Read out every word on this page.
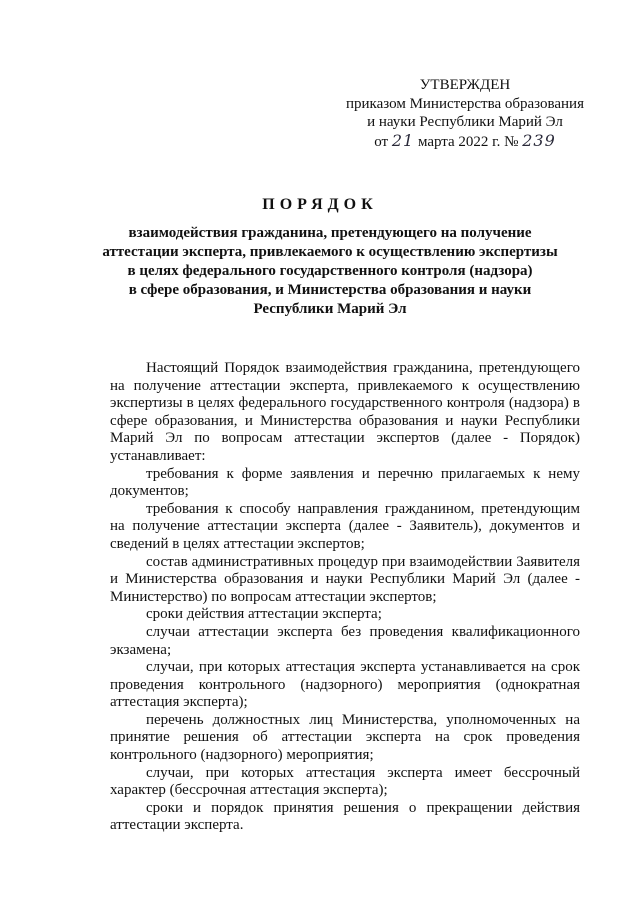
УТВЕРЖДЕН
приказом Министерства образования
и науки Республики Марий Эл
от 21 марта 2022 г. № 239
ПОРЯДОК
взаимодействия гражданина, претендующего на получение
аттестации эксперта, привлекаемого к осуществлению экспертизы
в целях федерального государственного контроля (надзора)
в сфере образования, и Министерства образования и науки
Республики Марий Эл

Настоящий Порядок взаимодействия гражданина, претендующего на получение аттестации эксперта, привлекаемого к осуществлению экспертизы в целях федерального государственного контроля (надзора) в сфере образования, и Министерства образования и науки Республики Марий Эл по вопросам аттестации экспертов (далее - Порядок) устанавливает:

требования к форме заявления и перечню прилагаемых к нему документов;

требования к способу направления гражданином, претендующим на получение аттестации эксперта (далее - Заявитель), документов и сведений в целях аттестации экспертов;

состав административных процедур при взаимодействии Заявителя и Министерства образования и науки Республики Марий Эл (далее - Министерство) по вопросам аттестации экспертов;

сроки действия аттестации эксперта;

случаи аттестации эксперта без проведения квалификационного экзамена;

случаи, при которых аттестация эксперта устанавливается на срок проведения контрольного (надзорного) мероприятия (однократная аттестация эксперта);

перечень должностных лиц Министерства, уполномоченных на принятие решения об аттестации эксперта на срок проведения контрольного (надзорного) мероприятия;

случаи, при которых аттестация эксперта имеет бессрочный характер (бессрочная аттестация эксперта);

сроки и порядок принятия решения о прекращении действия аттестации эксперта.
